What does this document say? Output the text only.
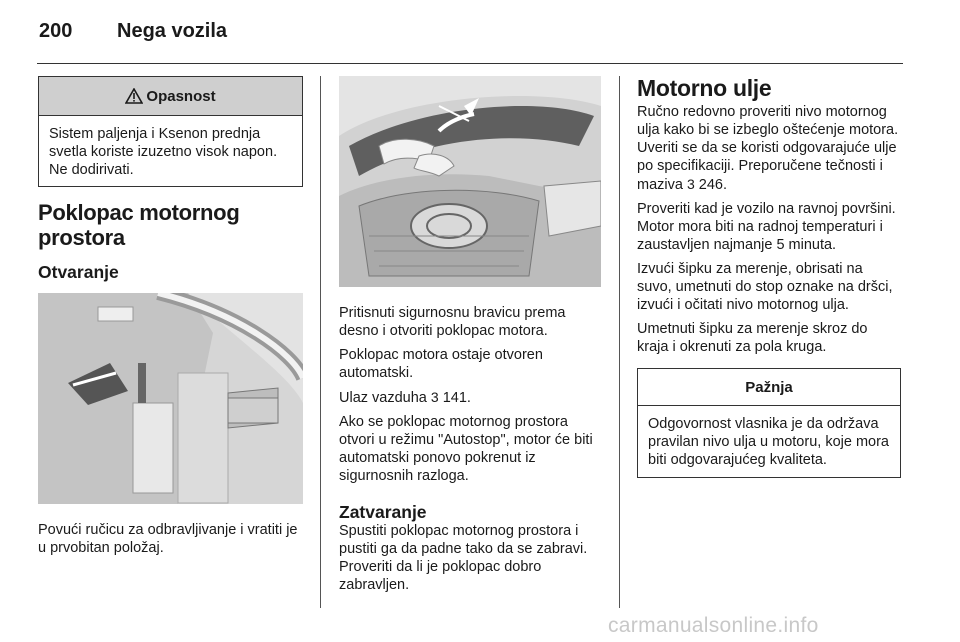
200 Nega vozila
Opasnost
Sistem paljenja i Ksenon prednja svetla koriste izuzetno visok napon. Ne dodirivati.
Poklopac motornog prostora
Otvaranje

Povući ručicu za odbravljivanje i vratiti je u prvobitan položaj.

Pritisnuti sigurnosnu bravicu prema desno i otvoriti poklopac motora.

Poklopac motora ostaje otvoren automatski.

Ulaz vazduha 3 141.

Ako se poklopac motornog prostora otvori u režimu "Autostop", motor će biti automatski ponovo pokrenut iz sigurnosnih razloga.

Zatvaranje

Spustiti poklopac motornog prostora i pustiti ga da padne tako da se zabravi. Proveriti da li je poklopac dobro zabravljen.

Motorno ulje

Ručno redovno proveriti nivo motornog ulja kako bi se izbeglo oštećenje motora. Uveriti se da se koristi odgovarajuće ulje po specifikaciji. Preporučene tečnosti i maziva 3 246.

Proveriti kad je vozilo na ravnoj površini. Motor mora biti na radnoj temperaturi i zaustavljen najmanje 5 minuta.

Izvući šipku za merenje, obrisati na suvo, umetnuti do stop oznake na dršci, izvući i očitati nivo motornog ulja.

Umetnuti šipku za merenje skroz do kraja i okrenuti za pola kruga.

Pažnja
Odgovornost vlasnika je da održava pravilan nivo ulja u motoru, koje mora biti odgovarajućeg kvaliteta.
carmanualsonline.info
